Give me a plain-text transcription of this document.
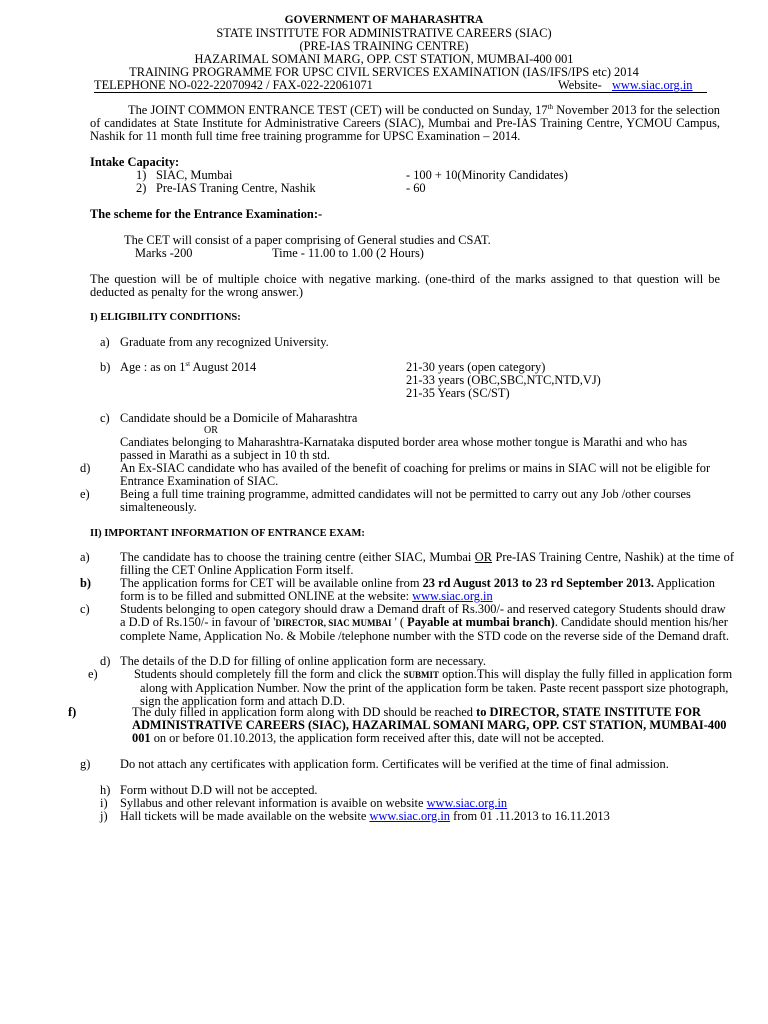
GOVERNMENT OF MAHARASHTRA
STATE INSTITUTE FOR ADMINISTRATIVE CAREERS (SIAC)
(PRE-IAS TRAINING CENTRE)
HAZARIMAL SOMANI MARG, OPP. CST STATION, MUMBAI-400 001
TRAINING PROGRAMME FOR UPSC CIVIL SERVICES EXAMINATION (IAS/IFS/IPS etc) 2014
TELEPHONE NO-022-22070942 / FAX-022-22061071	Website- www.siac.org.in
The JOINT COMMON ENTRANCE TEST (CET) will be conducted on Sunday, 17th November 2013 for the selection of candidates at State Institute for Administrative Careers (SIAC), Mumbai and Pre-IAS Training Centre, YCMOU Campus, Nashik for 11 month full time free training programme for UPSC Examination – 2014.
Intake Capacity:
1) SIAC, Mumbai	- 100 + 10(Minority Candidates)
2) Pre-IAS Traning Centre, Nashik	- 60
The scheme for the Entrance Examination:-
The CET will consist of a paper comprising of General studies and CSAT.
Marks -200	Time - 11.00 to 1.00 (2 Hours)
The question will be of multiple choice with negative marking. (one-third of the marks assigned to that question will be deducted as penalty for the wrong answer.)
I) ELIGIBILITY CONDITIONS:
a) Graduate from any recognized University.
b) Age : as on 1st August 2014	21-30 years (open category)
21-33 years (OBC,SBC,NTC,NTD,VJ)
21-35 Years (SC/ST)
c) Candidate should be a Domicile of Maharashtra
OR
Candiates belonging to Maharashtra-Karnataka disputed border area whose mother tongue is Marathi and who has passed in Marathi as a subject in 10 th std.
d) An Ex-SIAC candidate who has availed of the benefit of coaching for prelims or mains in SIAC will not be eligible for Entrance Examination of SIAC.
e) Being a full time training programme, admitted candidates will not be permitted to carry out any Job /other courses simalteneously.
II) IMPORTANT INFORMATION OF ENTRANCE EXAM:
a) The candidate has to choose the training centre (either SIAC, Mumbai OR Pre-IAS Training Centre, Nashik) at the time of filling the CET Online Application Form itself.
b) The application forms for CET will be available online from 23 rd August 2013 to 23 rd September 2013. Application form is to be filled and submitted ONLINE at the website: www.siac.org.in
c) Students belonging to open category should draw a Demand draft of Rs.300/- and reserved category Students should draw a D.D of Rs.150/- in favour of 'DIRECTOR, SIAC MUMBAI ' ( Payable at mumbai branch). Candidate should mention his/her complete Name, Application No. & Mobile /telephone number with the STD code on the reverse side of the Demand draft.
d) The details of the D.D for filling of online application form are necessary.
e)	Students should completely fill the form and click the SUBMIT option.This will display the fully filled in application form along with Application Number. Now the print of the application form be taken. Paste recent passport size photograph, sign the application form and attach D.D.
f)	The duly filled in application form along with DD should be reached to DIRECTOR, STATE INSTITUTE FOR ADMINISTRATIVE CAREERS (SIAC), HAZARIMAL SOMANI MARG, OPP. CST STATION, MUMBAI-400 001 on or before 01.10.2013, the application form received after this, date will not be accepted.
g) Do not attach any certificates with application form. Certificates will be verified at the time of final admission.
h) Form without D.D will not be accepted.
i) Syllabus and other relevant information is avaible on website www.siac.org.in
j) Hall tickets will be made available on the website www.siac.org.in from 01 .11.2013 to 16.11.2013
